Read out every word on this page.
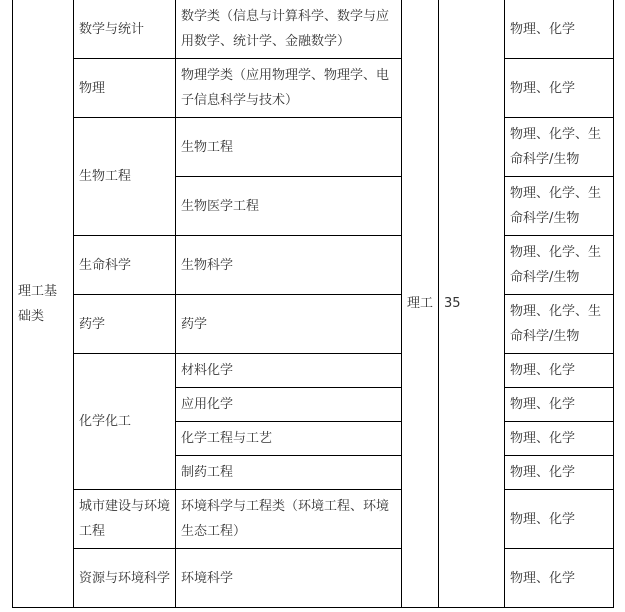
理工基础类	数学与统计	数学类（信息与计算科学、数学与应用数学、统计学、金融数学）	理工	35	物理、化学
	物理	物理学类（应用物理学、物理学、电子信息科学与技术）			物理、化学
	生物工程	生物工程			物理、化学、生命科学/生物
		生物医学工程			物理、化学、生命科学/生物
	生命科学	生物科学			物理、化学、生命科学/生物
	药学	药学			物理、化学、生命科学/生物
	化学化工	材料化学			物理、化学
		应用化学			物理、化学
		化学工程与工艺			物理、化学
		制药工程			物理、化学
	城市建设与环境工程	环境科学与工程类（环境工程、环境生态工程）			物理、化学
	资源与环境科学	环境科学			物理、化学
